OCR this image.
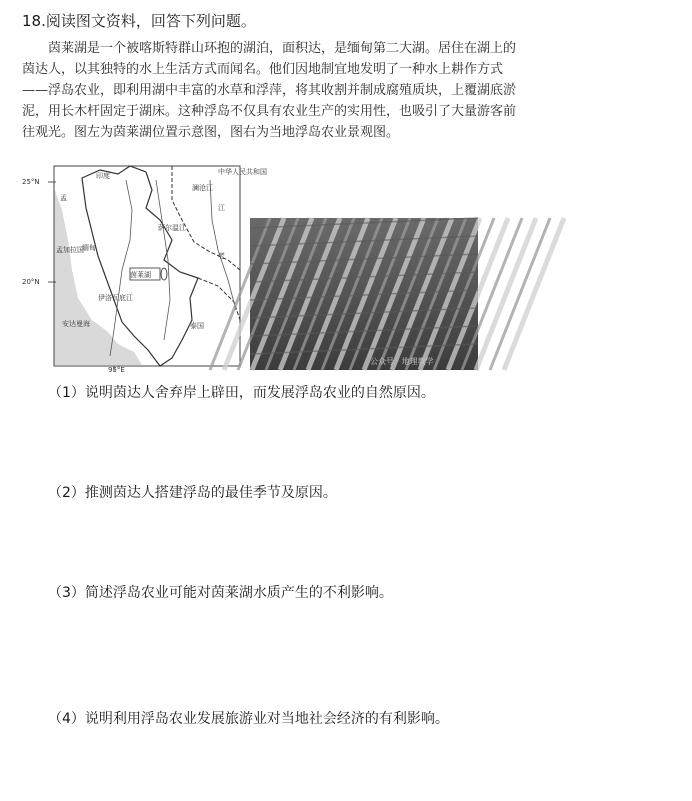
18.阅读图文资料，回答下列问题。
　　茵莱湖是一个被喀斯特群山环抱的湖泊，面积达，是缅甸第二大湖。居住在湖上的
茵达人，以其独特的水上生活方式而闻名。他们因地制宜地发明了一种水上耕作方式
——浮岛农业，即利用湖中丰富的水草和浮萍，将其收割并制成腐殖质块，上覆湖底淤
泥，用长木杆固定于湖床。这种浮岛不仅具有农业生产的实用性，也吸引了大量游客前
往观光。图左为茵莱湖位置示意图，图右为当地浮岛农业景观图。
25°N
20°N
95°E
印度
孟
孟加拉国
缅甸
中华人民共和国
老
泰国
江
茵莱湖
安达曼海
萨尔温江
伊洛瓦底江
澜沧江
公众号 · 地理教学
（1）说明茵达人舍弃岸上辟田，而发展浮岛农业的自然原因。
（2）推测茵达人搭建浮岛的最佳季节及原因。
（3）简述浮岛农业可能对茵莱湖水质产生的不利影响。
（4）说明利用浮岛农业发展旅游业对当地社会经济的有利影响。
